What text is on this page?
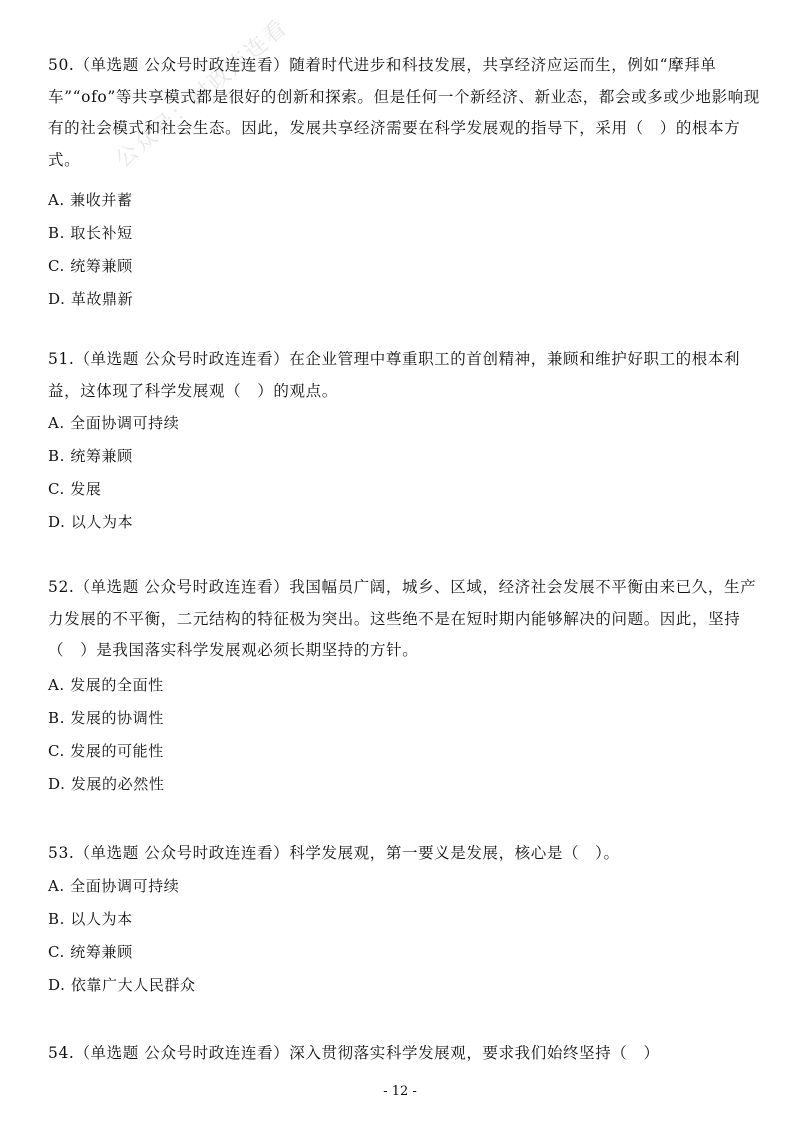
公众号：时政连连看

50.（单选题 公众号时政连连看）随着时代进步和科技发展，共享经济应运而生，例如“摩拜单车”“ofo”等共享模式都是很好的创新和探索。但是任何一个新经济、新业态，都会或多或少地影响现有的社会模式和社会生态。因此，发展共享经济需要在科学发展观的指导下，采用（　）的根本方式。

A. 兼收并蓄
B. 取长补短
C. 统筹兼顾
D. 革故鼎新

51.（单选题 公众号时政连连看）在企业管理中尊重职工的首创精神，兼顾和维护好职工的根本利益，这体现了科学发展观（　）的观点。

A. 全面协调可持续
B. 统筹兼顾
C. 发展
D. 以人为本

52.（单选题 公众号时政连连看）我国幅员广阔，城乡、区域，经济社会发展不平衡由来已久，生产力发展的不平衡，二元结构的特征极为突出。这些绝不是在短时期内能够解决的问题。因此，坚持（　）是我国落实科学发展观必须长期坚持的方针。

A. 发展的全面性
B. 发展的协调性
C. 发展的可能性
D. 发展的必然性

53.（单选题 公众号时政连连看）科学发展观，第一要义是发展，核心是（　）。

A. 全面协调可持续
B. 以人为本
C. 统筹兼顾
D. 依靠广大人民群众

54.（单选题 公众号时政连连看）深入贯彻落实科学发展观，要求我们始终坚持（　）

- 12 -
